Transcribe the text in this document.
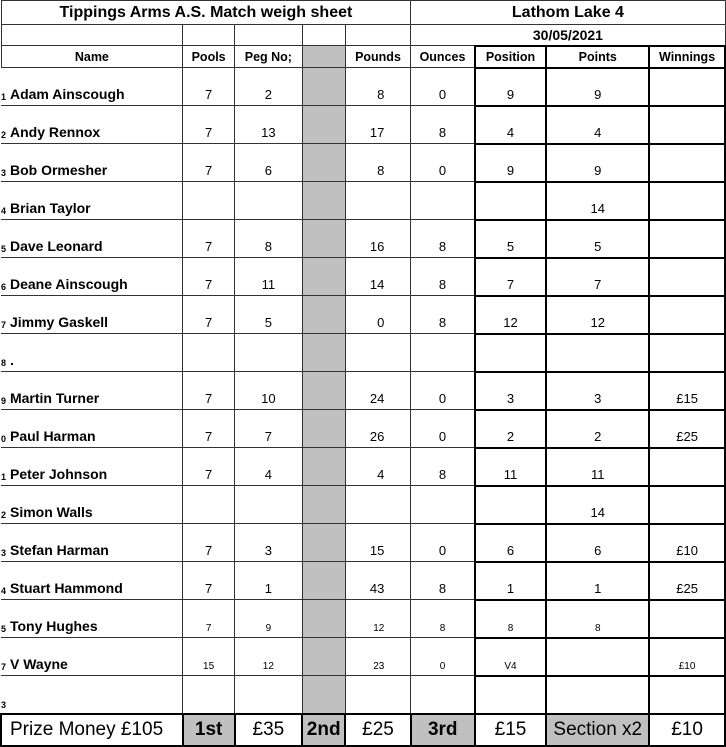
Tippings Arms A.S. Match weigh sheet						Lathom Lake 4			
						30/05/2021			
Name		Pools	Peg No;		Pounds	Ounces	Position	Points	Winnings
1	Adam Ainscough	7	2		8	0	9	9	
2	Andy Rennox	7	13		17	8	4	4	
3	Bob Ormesher	7	6		8	0	9	9	
4	Brian Taylor							14	
5	Dave Leonard	7	8		16	8	5	5	
6	Deane Ainscough	7	11		14	8	7	7	
7	Jimmy Gaskell	7	5		0	8	12	12	
8	.								
9	Martin Turner	7	10		24	0	3	3	£15
0	Paul Harman	7	7		26	0	2	2	£25
1	Peter Johnson	7	4		4	8	11	11	
2	Simon Walls							14	
3	Stefan Harman	7	3		15	0	6	6	£10
4	Stuart Hammond	7	1		43	8	1	1	£25
5	Tony Hughes	7	9		12	8	8	8	
7	V Wayne	15	12		23	0	V4		£10
3									
Prize Money £105		1st	£35	2nd	£25	3rd	£15	Section x2	£10
